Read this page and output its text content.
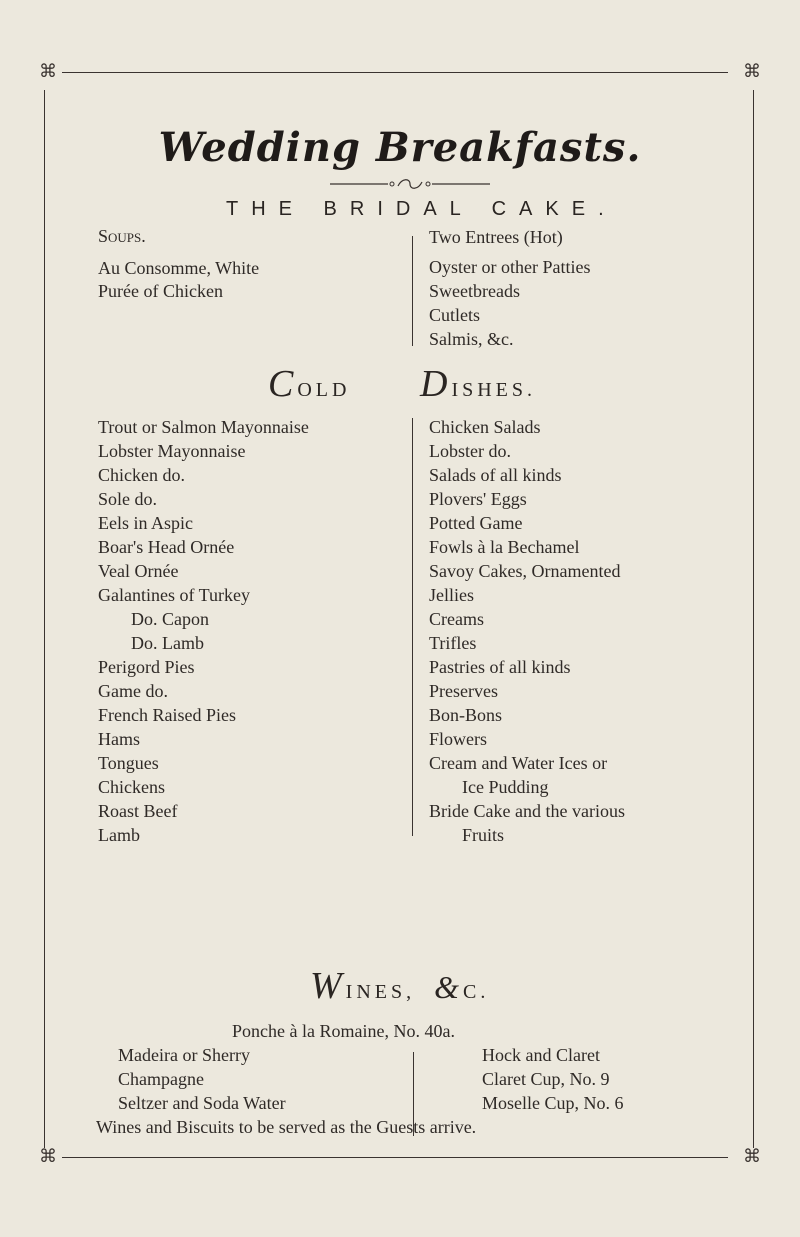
⌘	⌘
⌘	⌘
Wedding Breakfasts.
THE BRIDAL CAKE.
Soups.
Au Consomme, White
Purée of Chicken
Two Entrees (Hot)
Oyster or other Patties
Sweetbreads
Cutlets
Salmis, &c.
COLD DISHES.
Trout or Salmon Mayonnaise
Lobster Mayonnaise
Chicken do.
Sole do.
Eels in Aspic
Boar's Head Ornée
Veal Ornée
Galantines of Turkey
Do. Capon
Do. Lamb
Perigord Pies
Game do.
French Raised Pies
Hams
Tongues
Chickens
Roast Beef
Lamb
Chicken Salads
Lobster do.
Salads of all kinds
Plovers' Eggs
Potted Game
Fowls à la Bechamel
Savoy Cakes, Ornamented
Jellies
Creams
Trifles
Pastries of all kinds
Preserves
Bon-Bons
Flowers
Cream and Water Ices or
Ice Pudding
Bride Cake and the various
Fruits
WINES, &C.
Ponche à la Romaine, No. 40a.
Madeira or Sherry
Champagne
Seltzer and Soda Water
Hock and Claret
Claret Cup, No. 9
Moselle Cup, No. 6
Wines and Biscuits to be served as the Guests arrive.
